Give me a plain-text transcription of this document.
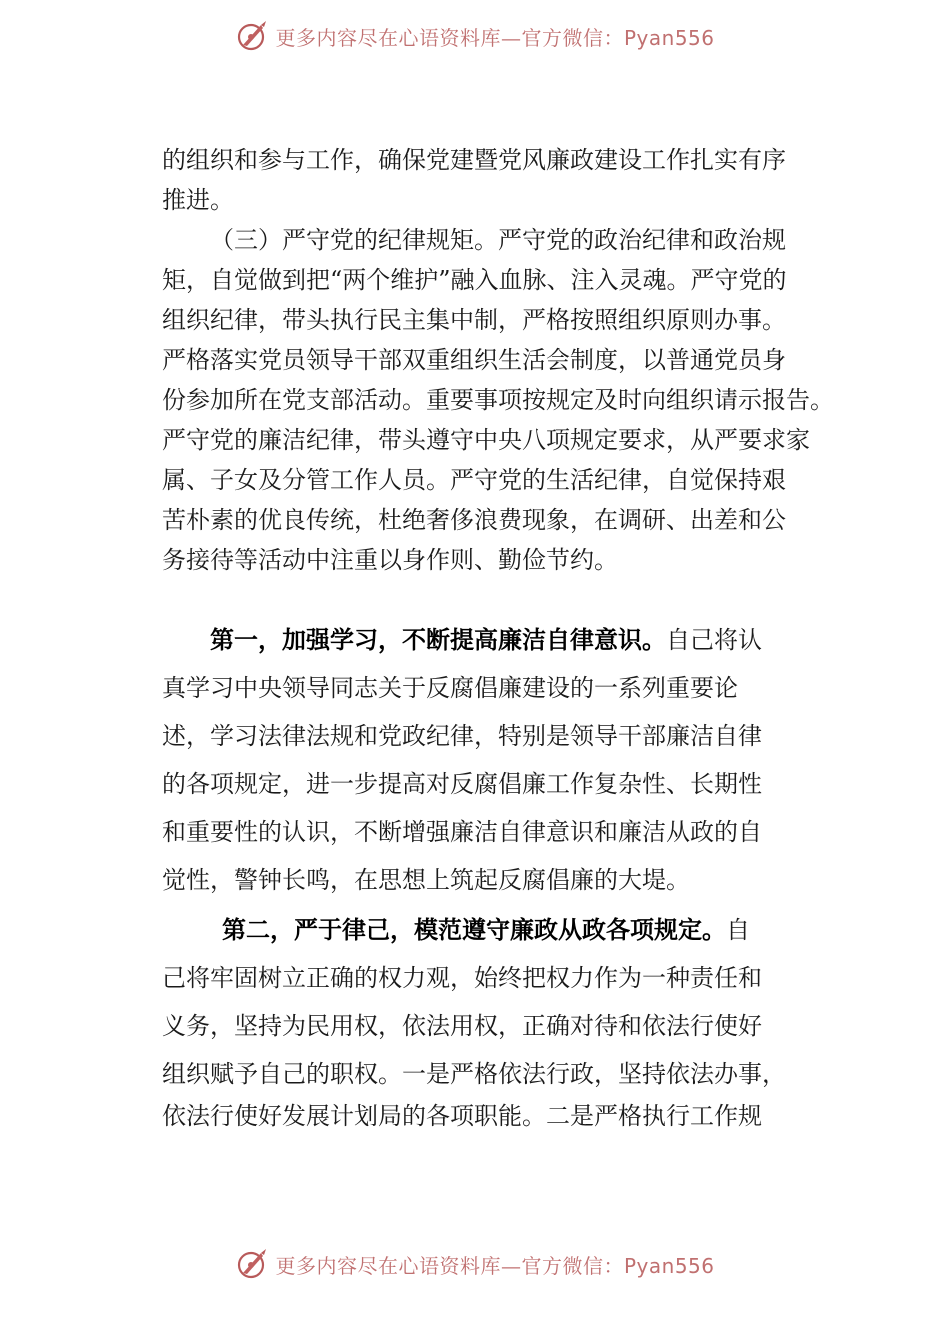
更多内容尽在心语资料库—官方微信：Pyan556
的组织和参与工作，确保党建暨党风廉政建设工作扎实有序
推进。
（三）严守党的纪律规矩。严守党的政治纪律和政治规
矩，自觉做到把“两个维护”融入血脉、注入灵魂。严守党的
组织纪律，带头执行民主集中制，严格按照组织原则办事。
严格落实党员领导干部双重组织生活会制度，以普通党员身
份参加所在党支部活动。重要事项按规定及时向组织请示报告。
严守党的廉洁纪律，带头遵守中央八项规定要求，从严要求家
属、子女及分管工作人员。严守党的生活纪律，自觉保持艰
苦朴素的优良传统，杜绝奢侈浪费现象，在调研、出差和公
务接待等活动中注重以身作则、勤俭节约。
第一，加强学习，不断提高廉洁自律意识。自己将认
真学习中央领导同志关于反腐倡廉建设的一系列重要论
述，学习法律法规和党政纪律，特别是领导干部廉洁自律
的各项规定，进一步提高对反腐倡廉工作复杂性、长期性
和重要性的认识，不断增强廉洁自律意识和廉洁从政的自
觉性，警钟长鸣，在思想上筑起反腐倡廉的大堤。
第二，严于律己，模范遵守廉政从政各项规定。自
己将牢固树立正确的权力观，始终把权力作为一种责任和
义务，坚持为民用权，依法用权，正确对待和依法行使好
组织赋予自己的职权。一是严格依法行政，坚持依法办事，
依法行使好发展计划局的各项职能。二是严格执行工作规
更多内容尽在心语资料库—官方微信：Pyan556
